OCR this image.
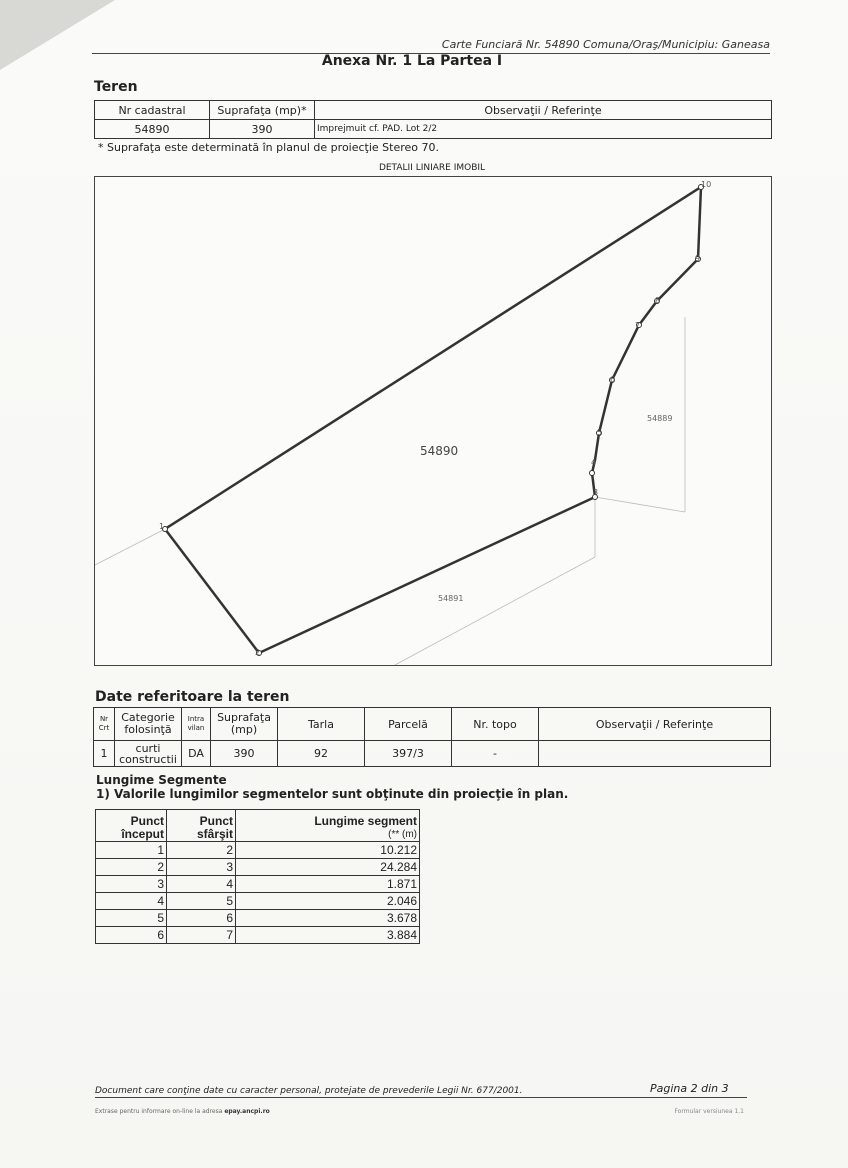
Carte Funciară Nr. 54890 Comuna/Oraş/Municipiu: Ganeasa
Anexa Nr. 1 La Partea I
Teren
Nr cadastral	Suprafaţa (mp)*	Observaţii / Referinţe
54890	390	Imprejmuit cf. PAD. Lot 2/2
* Suprafaţa este determinată în planul de proiecţie Stereo 70.
DETALII LINIARE IMOBIL
1
2
3
4
5
6
7
8
9
10
54890
54889
54891
Date referitoare la teren
Nr Crt	Categorie folosinţă	Intra vilan	Suprafaţa (mp)	Tarla	Parcelă	Nr. topo	Observaţii / Referinţe
1	curti constructii	DA	390	92	397/3	-	
Lungime Segmente
1) Valorile lungimilor segmentelor sunt obţinute din proiecţie în plan.
Punct început	Punct sfârşit	Lungime segment
(** (m)

1	2	10.212
2	3	24.284
3	4	1.871
4	5	2.046
5	6	3.678
6	7	3.884
Document care conţine date cu caracter personal, protejate de prevederile Legii Nr. 677/2001.	Pagina 2 din 3
Extrase pentru informare on-line la adresa epay.ancpi.ro	Formular versiunea 1.1
